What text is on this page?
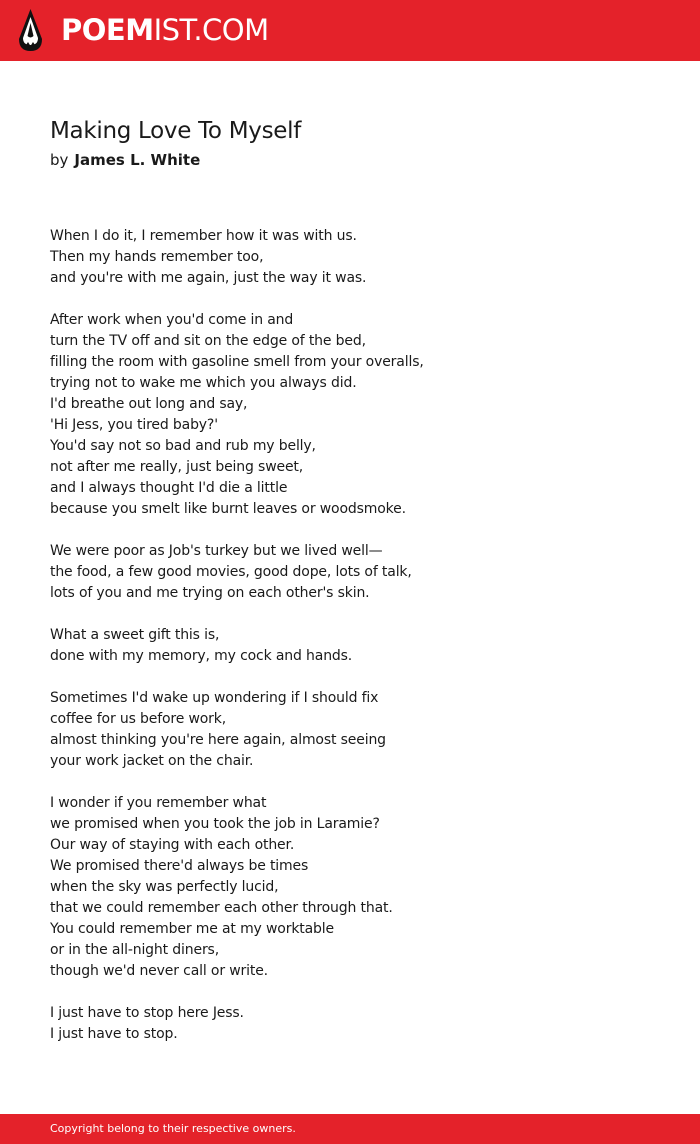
POEMIST.COM
Making Love To Myself

by James L. White

When I do it, I remember how it was with us.
Then my hands remember too,
and you're with me again, just the way it was.
After work when you'd come in and
turn the TV off and sit on the edge of the bed,
filling the room with gasoline smell from your overalls,
trying not to wake me which you always did.
I'd breathe out long and say,
'Hi Jess, you tired baby?'
You'd say not so bad and rub my belly,
not after me really, just being sweet,
and I always thought I'd die a little
because you smelt like burnt leaves or woodsmoke.
We were poor as Job's turkey but we lived well—
the food, a few good movies, good dope, lots of talk,
lots of you and me trying on each other's skin.
What a sweet gift this is,
done with my memory, my cock and hands.
Sometimes I'd wake up wondering if I should fix
coffee for us before work,
almost thinking you're here again, almost seeing
your work jacket on the chair.
I wonder if you remember what
we promised when you took the job in Laramie?
Our way of staying with each other.
We promised there'd always be times
when the sky was perfectly lucid,
that we could remember each other through that.
You could remember me at my worktable
or in the all-night diners,
though we'd never call or write.
I just have to stop here Jess.
I just have to stop.
Copyright belong to their respective owners.
